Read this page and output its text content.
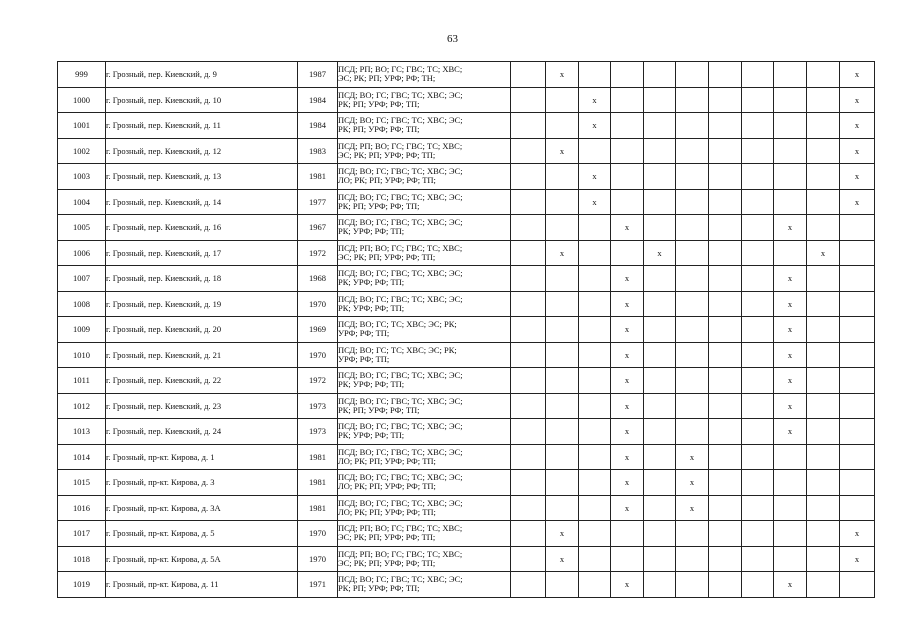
63
999	г. Грозный, пер. Киевский, д. 9	1987	ПСД; РП; ВО; ГС; ГВС; ТС; ХВС;
ЭС; РК; РП; УРФ; РФ; ТН;		x									x
1000	г. Грозный, пер. Киевский, д. 10	1984	ПСД; ВО; ГС; ГВС; ТС; ХВС; ЭС;
РК; РП; УРФ; РФ; ТП;			x								x
1001	г. Грозный, пер. Киевский, д. 11	1984	ПСД; ВО; ГС; ГВС; ТС; ХВС; ЭС;
РК; РП; УРФ; РФ; ТП;			x								x
1002	г. Грозный, пер. Киевский, д. 12	1983	ПСД; РП; ВО; ГС; ГВС; ТС; ХВС;
ЭС; РК; РП; УРФ; РФ; ТП;		x									x
1003	г. Грозный, пер. Киевский, д. 13	1981	ПСД; ВО; ГС; ГВС; ТС; ХВС; ЭС;
ЛО; РК; РП; УРФ; РФ; ТП;			x								x
1004	г. Грозный, пер. Киевский, д. 14	1977	ПСД; ВО; ГС; ГВС; ТС; ХВС; ЭС;
РК; РП; УРФ; РФ; ТП;			x								x
1005	г. Грозный, пер. Киевский, д. 16	1967	ПСД; ВО; ГС; ГВС; ТС; ХВС; ЭС;
РК; УРФ; РФ; ТП;				x					x		
1006	г. Грозный, пер. Киевский, д. 17	1972	ПСД; РП; ВО; ГС; ГВС; ТС; ХВС;
ЭС; РК; РП; УРФ; РФ; ТП;		x			x					x	
1007	г. Грозный, пер. Киевский, д. 18	1968	ПСД; ВО; ГС; ГВС; ТС; ХВС; ЭС;
РК; УРФ; РФ; ТП;				x					x		
1008	г. Грозный, пер. Киевский, д. 19	1970	ПСД; ВО; ГС; ГВС; ТС; ХВС; ЭС;
РК; УРФ; РФ; ТП;				x					x		
1009	г. Грозный, пер. Киевский, д. 20	1969	ПСД; ВО; ГС; ТС; ХВС; ЭС; РК;
УРФ; РФ; ТП;				x					x		
1010	г. Грозный, пер. Киевский, д. 21	1970	ПСД; ВО; ГС; ТС; ХВС; ЭС; РК;
УРФ; РФ; ТП;				x					x		
1011	г. Грозный, пер. Киевский, д. 22	1972	ПСД; ВО; ГС; ГВС; ТС; ХВС; ЭС;
РК; УРФ; РФ; ТП;				x					x		
1012	г. Грозный, пер. Киевский, д. 23	1973	ПСД; ВО; ГС; ГВС; ТС; ХВС; ЭС;
РК; РП; УРФ; РФ; ТП;				x					x		
1013	г. Грозный, пер. Киевский, д. 24	1973	ПСД; ВО; ГС; ГВС; ТС; ХВС; ЭС;
РК; УРФ; РФ; ТП;				x					x		
1014	г. Грозный, пр-кт. Кирова, д. 1	1981	ПСД; ВО; ГС; ГВС; ТС; ХВС; ЭС;
ЛО; РК; РП; УРФ; РФ; ТП;				x		x					
1015	г. Грозный, пр-кт. Кирова, д. 3	1981	ПСД; ВО; ГС; ГВС; ТС; ХВС; ЭС;
ЛО; РК; РП; УРФ; РФ; ТП;				x		x					
1016	г. Грозный, пр-кт. Кирова, д. 3А	1981	ПСД; ВО; ГС; ГВС; ТС; ХВС; ЭС;
ЛО; РК; РП; УРФ; РФ; ТП;				x		x					
1017	г. Грозный, пр-кт. Кирова, д. 5	1970	ПСД; РП; ВО; ГС; ГВС; ТС; ХВС;
ЭС; РК; РП; УРФ; РФ; ТП;		x									x
1018	г. Грозный, пр-кт. Кирова, д. 5А	1970	ПСД; РП; ВО; ГС; ГВС; ТС; ХВС;
ЭС; РК; РП; УРФ; РФ; ТП;		x									x
1019	г. Грозный, пр-кт. Кирова, д. 11	1971	ПСД; ВО; ГС; ГВС; ТС; ХВС; ЭС;
РК; РП; УРФ; РФ; ТП;				x					x		
